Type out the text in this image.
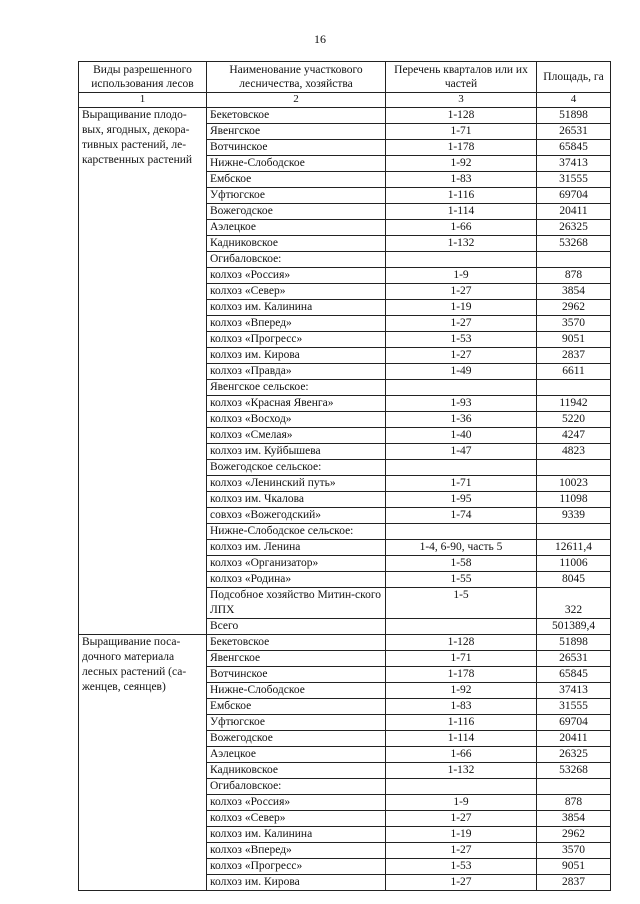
16
Виды разрешенного использования лесов	Наименование участкового лесничества, хозяйства	Перечень кварталов или их частей	Площадь, га
1	2	3	4
Выращивание плодо-вых, ягодных, декора-тивных растений, ле-карственных растений	Бекетовское	1-128	51898
	Явенгское	1-71	26531
	Вотчинское	1-178	65845
	Нижне-Слободское	1-92	37413
	Ембское	1-83	31555
	Уфтюгское	1-116	69704
	Вожегодское	1-114	20411
	Аэлецкое	1-66	26325
	Кадниковское	1-132	53268
	Огибаловское:		
	колхоз «Россия»	1-9	878
	колхоз «Север»	1-27	3854
	колхоз им. Калинина	1-19	2962
	колхоз «Вперед»	1-27	3570
	колхоз «Прогресс»	1-53	9051
	колхоз им. Кирова	1-27	2837
	колхоз «Правда»	1-49	6611
	Явенгское сельское:		
	колхоз «Красная Явенга»	1-93	11942
	колхоз «Восход»	1-36	5220
	колхоз «Смелая»	1-40	4247
	колхоз им. Куйбышева	1-47	4823
	Вожегодское сельское:		
	колхоз «Ленинский путь»	1-71	10023
	колхоз им. Чкалова	1-95	11098
	совхоз «Вожегодский»	1-74	9339
	Нижне-Слободское сельское:		
	колхоз им. Ленина	1-4, 6-90, часть 5	12611,4
	колхоз «Организатор»	1-58	11006
	колхоз «Родина»	1-55	8045
	Подсобное хозяйство Митин-ского ЛПХ	1-5	322
	Всего		501389,4
Выращивание поса-дочного материала лесных растений (са-женцев, сеянцев)	Бекетовское	1-128	51898
	Явенгское	1-71	26531
	Вотчинское	1-178	65845
	Нижне-Слободское	1-92	37413
	Ембское	1-83	31555
	Уфтюгское	1-116	69704
	Вожегодское	1-114	20411
	Аэлецкое	1-66	26325
	Кадниковское	1-132	53268
	Огибаловское:		
	колхоз «Россия»	1-9	878
	колхоз «Север»	1-27	3854
	колхоз им. Калинина	1-19	2962
	колхоз «Вперед»	1-27	3570
	колхоз «Прогресс»	1-53	9051
	колхоз им. Кирова	1-27	2837
